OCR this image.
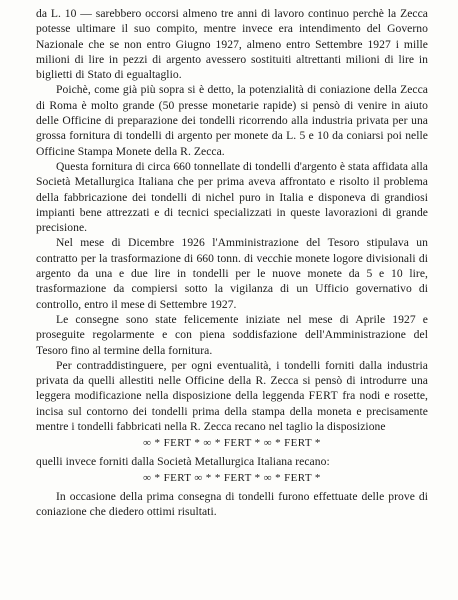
da L. 10 — sarebbero occorsi almeno tre anni di lavoro continuo perchè la Zecca potesse ultimare il suo compito, mentre invece era intendimento del Governo Nazionale che se non entro Giugno 1927, almeno entro Settembre 1927 i mille milioni di lire in pezzi di argento avessero sostituiti altrettanti milioni di lire in biglietti di Stato di egualtaglio.

Poichè, come già più sopra si è detto, la potenzialità di coniazione della Zecca di Roma è molto grande (50 presse monetarie rapide) si pensò di venire in aiuto delle Officine di preparazione dei tondelli ricorrendo alla industria privata per una grossa fornitura di tondelli di argento per monete da L. 5 e 10 da coniarsi poi nelle Officine Stampa Monete della R. Zecca.

Questa fornitura di circa 660 tonnellate di tondelli d'argento è stata affidata alla Società Metallurgica Italiana che per prima aveva affrontato e risolto il problema della fabbricazione dei tondelli di nichel puro in Italia e disponeva di grandiosi impianti bene attrezzati e di tecnici specializzati in queste lavorazioni di grande precisione.

Nel mese di Dicembre 1926 l'Amministrazione del Tesoro stipulava un contratto per la trasformazione di 660 tonn. di vecchie monete logore divisionali di argento da una e due lire in tondelli per le nuove monete da 5 e 10 lire, trasformazione da compiersi sotto la vigilanza di un Ufficio governativo di controllo, entro il mese di Settembre 1927.

Le consegne sono state felicemente iniziate nel mese di Aprile 1927 e proseguite regolarmente e con piena soddisfazione dell'Amministrazione del Tesoro fino al termine della fornitura.

Per contraddistinguere, per ogni eventualità, i tondelli forniti dalla industria privata da quelli allestiti nelle Officine della R. Zecca si pensò di introdurre una leggera modificazione nella disposizione della leggenda FERT fra nodi e rosette, incisa sul contorno dei tondelli prima della stampa della moneta e precisamente mentre i tondelli fabbricati nella R. Zecca recano nel taglio la disposizione

∞ * FERT * ∞ * FERT * ∞ * FERT *

quelli invece forniti dalla Società Metallurgica Italiana recano:

∞ * FERT ∞ * * FERT * ∞ * FERT *

In occasione della prima consegna di tondelli furono effettuate delle prove di coniazione che diedero ottimi risultati.
